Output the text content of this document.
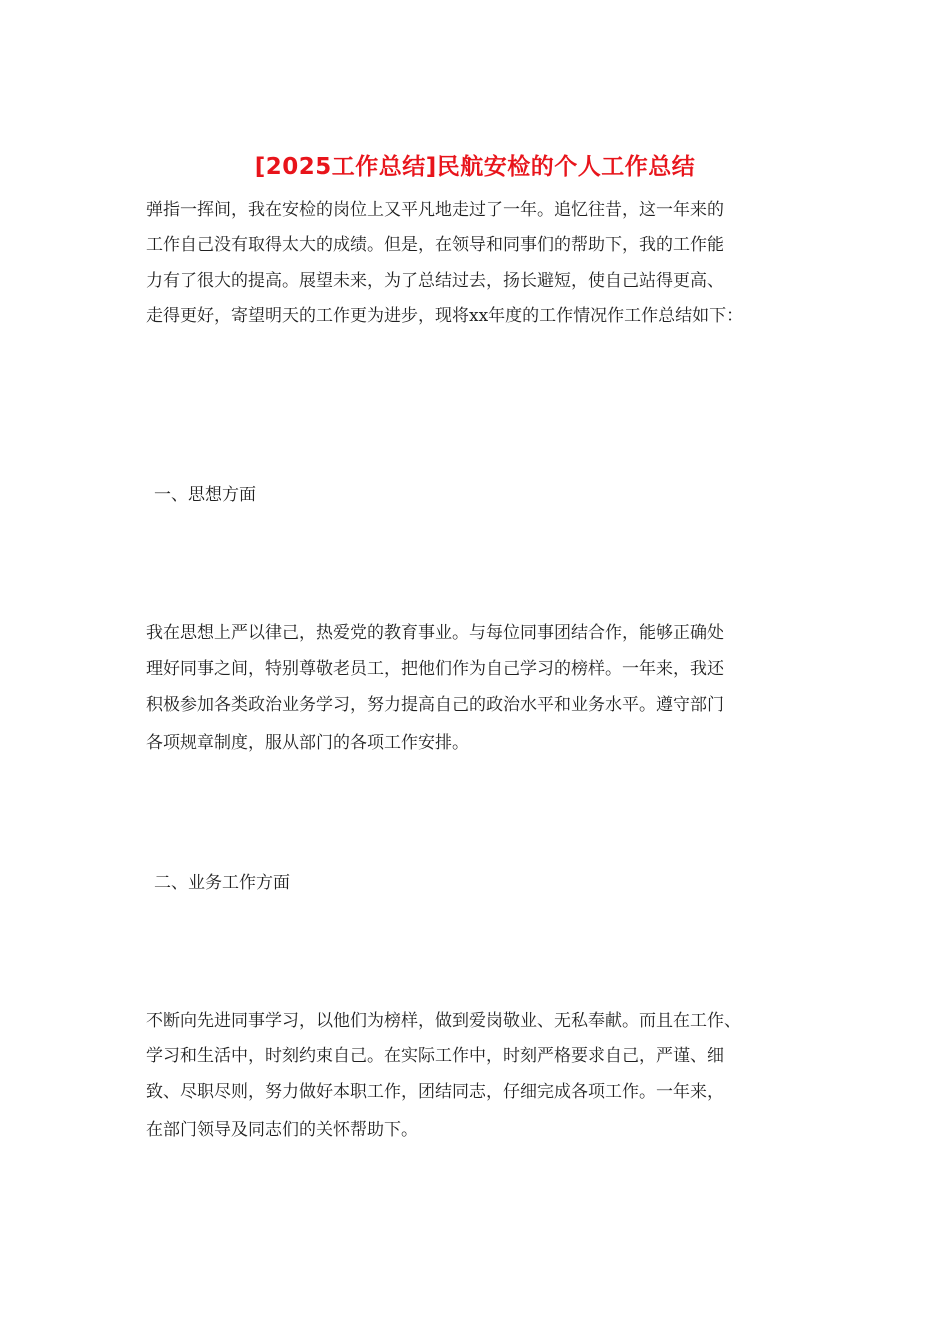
[2025工作总结]民航安检的个人工作总结
弹指一挥间，我在安检的岗位上又平凡地走过了一年。追忆往昔，这一年来的
工作自己没有取得太大的成绩。但是，在领导和同事们的帮助下，我的工作能
力有了很大的提高。展望未来，为了总结过去，扬长避短，使自己站得更高、
走得更好，寄望明天的工作更为进步，现将xx年度的工作情况作工作总结如下：
一、思想方面
我在思想上严以律己，热爱党的教育事业。与每位同事团结合作，能够正确处
理好同事之间，特别尊敬老员工，把他们作为自己学习的榜样。一年来，我还
积极参加各类政治业务学习，努力提高自己的政治水平和业务水平。遵守部门
各项规章制度，服从部门的各项工作安排。
二、业务工作方面
不断向先进同事学习，以他们为榜样，做到爱岗敬业、无私奉献。而且在工作、
学习和生活中，时刻约束自己。在实际工作中，时刻严格要求自己，严谨、细
致、尽职尽则，努力做好本职工作，团结同志，仔细完成各项工作。一年来，
在部门领导及同志们的关怀帮助下。
